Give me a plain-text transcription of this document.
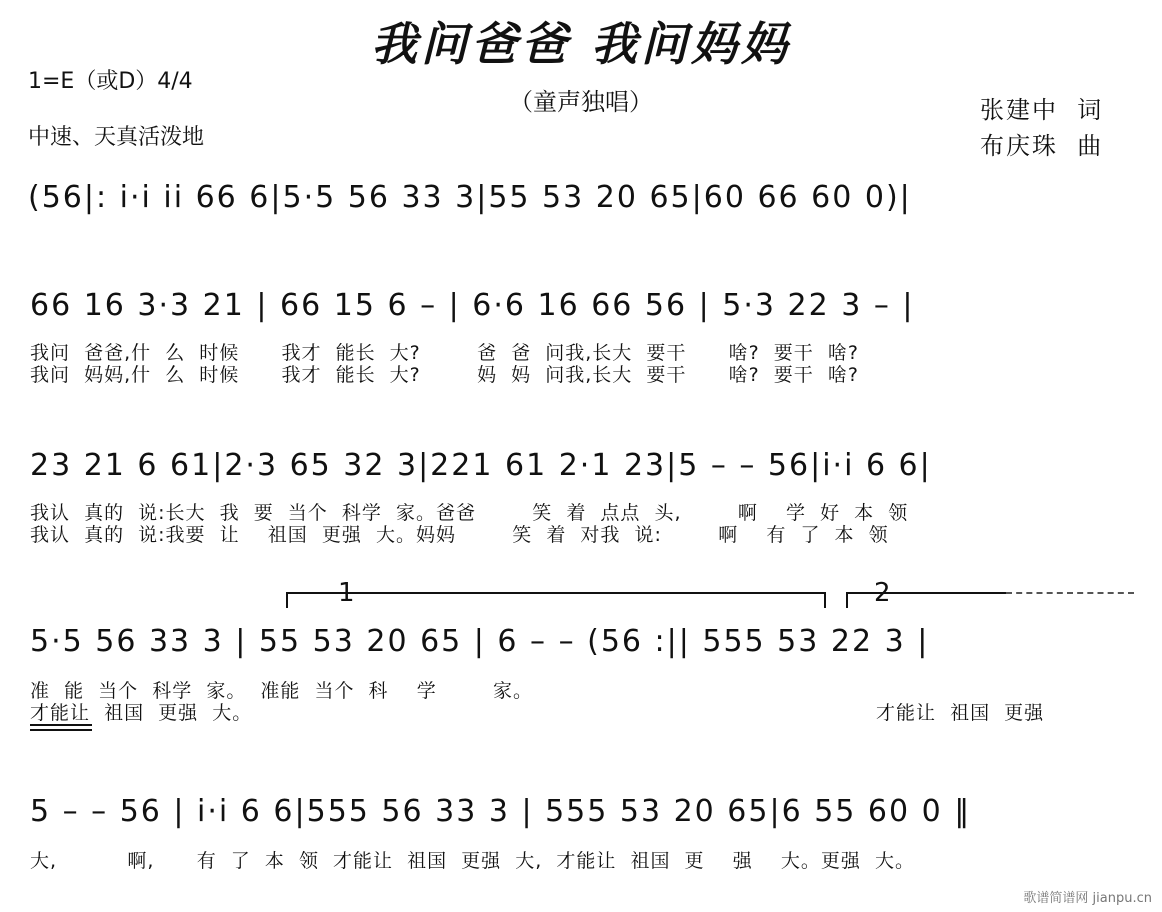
我问爸爸 我问妈妈
（童声独唱）
1=E（或D）4/4
中速、天真活泼地
张建中  词
布庆珠  曲
(56|: i·i ii 66 6|5·5 56 33 3|55 53 20 65|60 66 60 0)|
66 16 3·3 21 | 66 15 6 – | 6·6 16 66 56 | 5·3 22 3 – |
我问  爸爸,什  么  时候      我才  能长  大?        爸  爸  问我,长大  要干      啥?  要干  啥?
我问  妈妈,什  么  时候      我才  能长  大?        妈  妈  问我,长大  要干      啥?  要干  啥?
23 21 6 61|2·3 65 32 3|221 61 2·1 23|5 – – 56|i·i 6 6|
我认  真的  说:长大  我  要  当个  科学  家。爸爸        笑  着  点点  头,        啊    学  好  本  领
我认  真的  说:我要  让    祖国  更强  大。妈妈        笑  着  对我  说:        啊    有  了  本  领
1	2
5·5 56 33 3 | 55 53 20 65 | 6 – – (56 :|| 555 53 22 3 |
准  能  当个  科学  家。  准能  当个  科    学        家。
才能让  祖国  更强  大。	才能让  祖国  更强
5 – – 56 | i·i 6 6|555 56 33 3 | 555 53 20 65|6 55 60 0 ‖
大,          啊,      有  了  本  领  才能让  祖国  更强  大,  才能让  祖国  更    强    大。更强  大。
歌谱简谱网 jianpu.cn
